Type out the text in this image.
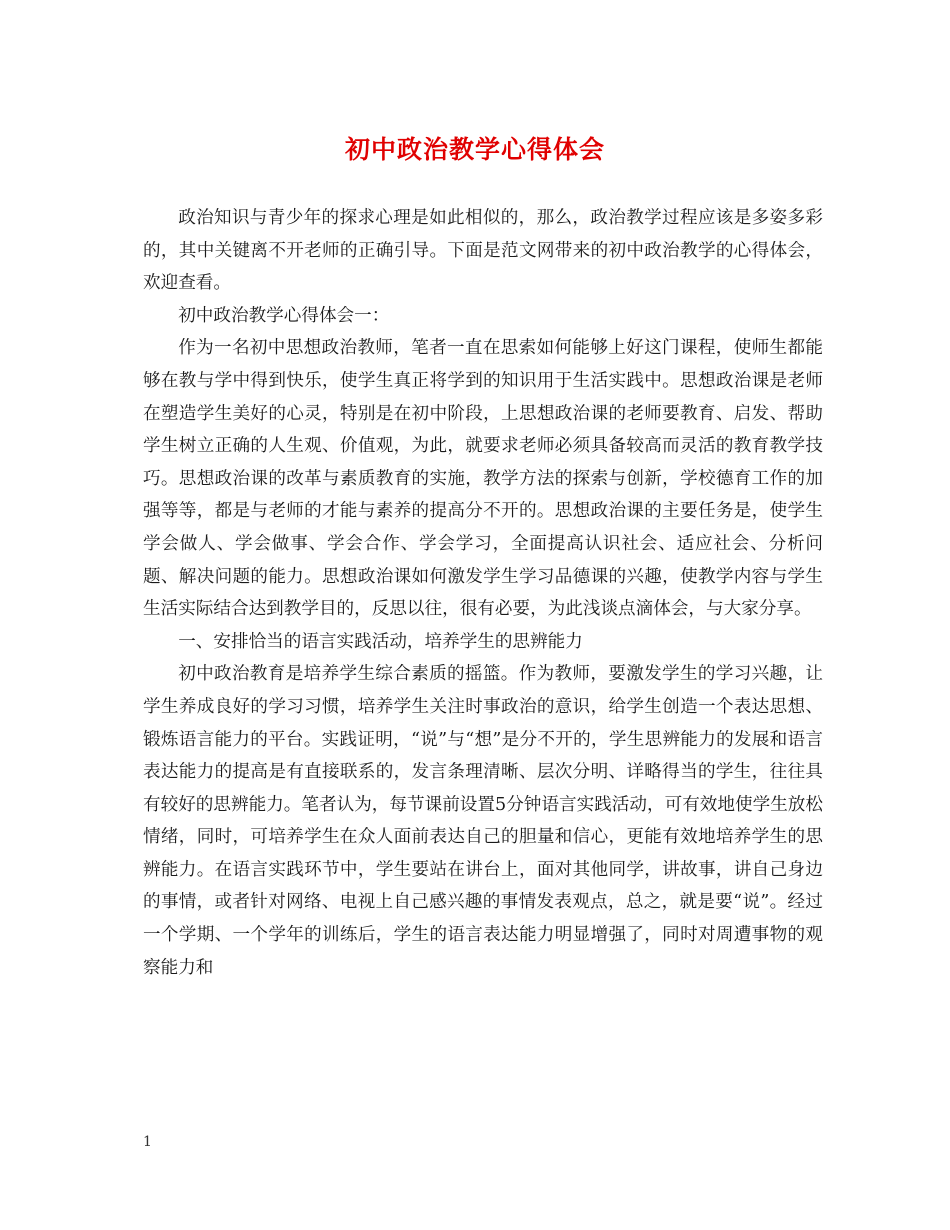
初中政治教学心得体会

政治知识与青少年的探求心理是如此相似的，那么，政治教学过程应该是多姿多彩的，其中关键离不开老师的正确引导。下面是范文网带来的初中政治教学的心得体会，欢迎查看。

初中政治教学心得体会一：

作为一名初中思想政治教师，笔者一直在思索如何能够上好这门课程，使师生都能够在教与学中得到快乐，使学生真正将学到的知识用于生活实践中。思想政治课是老师在塑造学生美好的心灵，特别是在初中阶段，上思想政治课的老师要教育、启发、帮助学生树立正确的人生观、价值观，为此，就要求老师必须具备较高而灵活的教育教学技巧。思想政治课的改革与素质教育的实施，教学方法的探索与创新，学校德育工作的加强等等，都是与老师的才能与素养的提高分不开的。思想政治课的主要任务是，使学生学会做人、学会做事、学会合作、学会学习，全面提高认识社会、适应社会、分析问题、解决问题的能力。思想政治课如何激发学生学习品德课的兴趣，使教学内容与学生生活实际结合达到教学目的，反思以往，很有必要，为此浅谈点滴体会，与大家分享。

一、安排恰当的语言实践活动，培养学生的思辨能力

初中政治教育是培养学生综合素质的摇篮。作为教师，要激发学生的学习兴趣，让学生养成良好的学习习惯，培养学生关注时事政治的意识，给学生创造一个表达思想、锻炼语言能力的平台。实践证明，“说”与“想”是分不开的，学生思辨能力的发展和语言表达能力的提高是有直接联系的，发言条理清晰、层次分明、详略得当的学生，往往具有较好的思辨能力。笔者认为，每节课前设置5分钟语言实践活动，可有效地使学生放松情绪，同时，可培养学生在众人面前表达自己的胆量和信心，更能有效地培养学生的思辨能力。在语言实践环节中，学生要站在讲台上，面对其他同学，讲故事，讲自己身边的事情，或者针对网络、电视上自己感兴趣的事情发表观点，总之，就是要“说”。经过一个学期、一个学年的训练后，学生的语言表达能力明显增强了，同时对周遭事物的观察能力和

1
